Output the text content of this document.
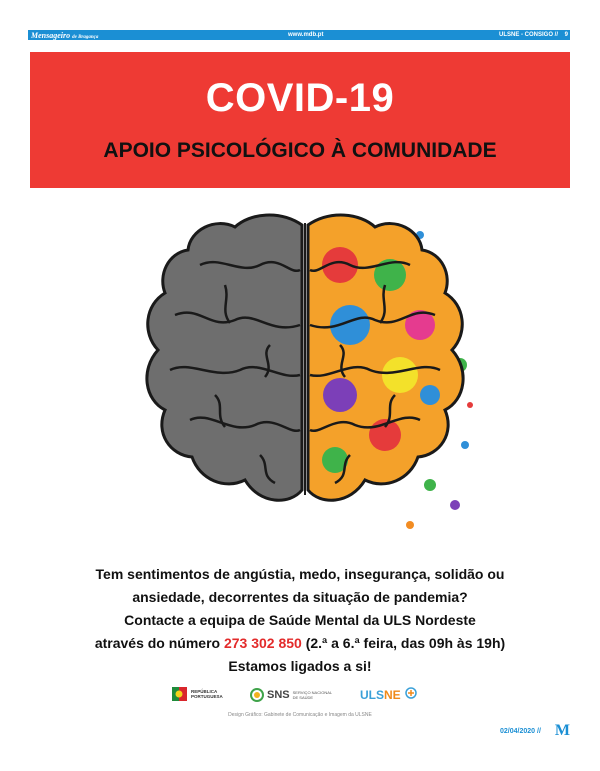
Mensageiro de Bragança	www.mdb.pt	ULSNE - CONSIGO // 9
COVID-19
APOIO PSICOLÓGICO À COMUNIDADE
Tem sentimentos de angústia, medo, insegurança, solidão ou
ansiedade, decorrentes da situação de pandemia?
Contacte a equipa de Saúde Mental da ULS Nordeste
através do número 273 302 850 (2.ª a 6.ª feira, das 09h às 19h)
Estamos ligados a si!
REPÚBLICA
PORTUGUESA	SNS SERVIÇO NACIONAL
DE SAÚDE	ULSNE
Design Gráfico: Gabinete de Comunicação e Imagem da ULSNE
02/04/2020 // M
